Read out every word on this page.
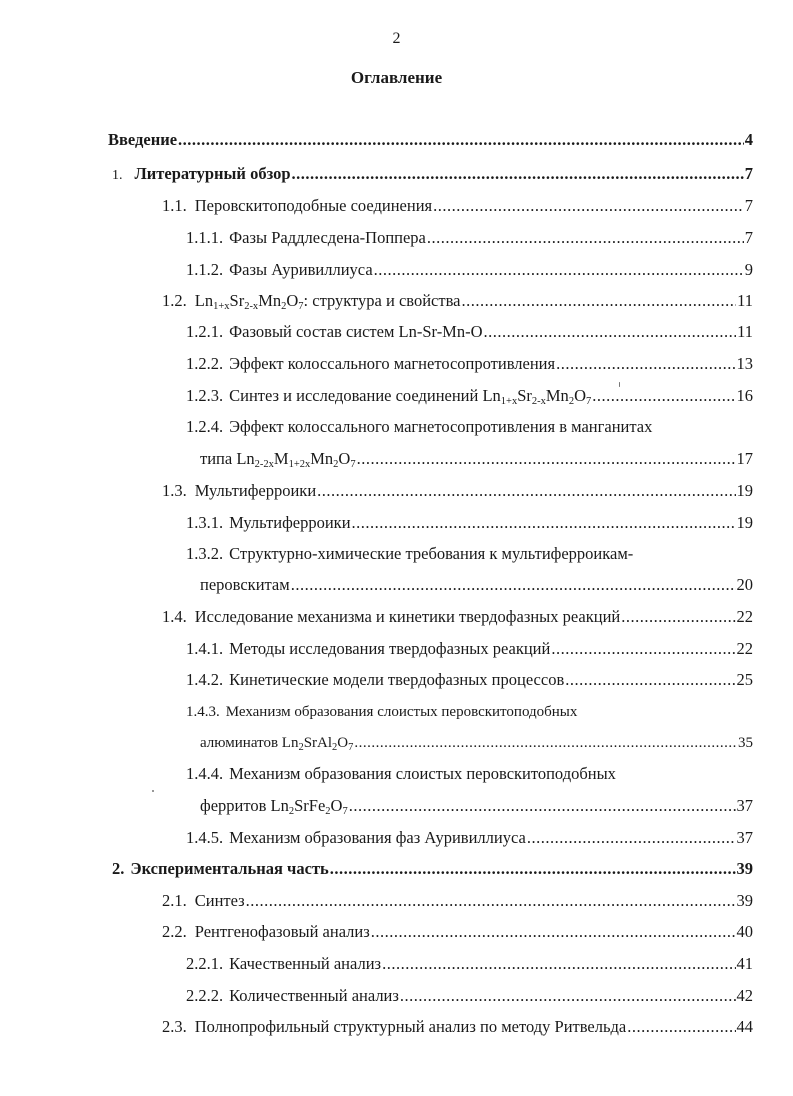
2
Оглавление
Введение .....	4
1. Литературный обзор .....	7
1.1. Перовскитоподобные соединения .....	7
1.1.1. Фазы Раддлесдена-Поппера .....	7
1.1.2. Фазы Ауривиллиуса .....	9
1.2. $Ln_{1+x}Sr_{2-x}Mn_2O_7$: структура и свойства .....	11
1.2.1. Фазовый состав систем Ln-Sr-Mn-O .....	11
1.2.2. Эффект колоссального магнетосопротивления .....	13
1.2.3. Синтез и исследование соединений $Ln_{1+x}Sr_{2-x}Mn_2O_7$ .....	16
1.2.4. Эффект колоссального магнетосопротивления в манганитах
типа $Ln_{2-2x}M_{1+2x}Mn_2O_7$ .....	17
1.3. Мультиферроики .....	19
1.3.1. Мультиферроики .....	19
1.3.2. Структурно-химические требования к мультиферроикам-
перовскитам .....	20
1.4. Исследование механизма и кинетики твердофазных реакций .....	22
1.4.1. Методы исследования твердофазных реакций .....	22
1.4.2. Кинетические модели твердофазных процессов .....	25
1.4.3. Механизм образования слоистых перовскитоподобных
алюминатов $Ln_2SrAl_2O_7$ .....	35
1.4.4. Механизм образования слоистых перовскитоподобных
ферритов $Ln_2SrFe_2O_7$ .....	37
1.4.5. Механизм образования фаз Ауривиллиуса .....	37
2. Экспериментальная часть .....	39
2.1. Синтез .....	39
2.2. Рентгенофазовый анализ .....	40
2.2.1. Качественный анализ .....	41
2.2.2. Количественный анализ .....	42
2.3. Полнопрофильный структурный анализ по методу Ритвельда .....	44
